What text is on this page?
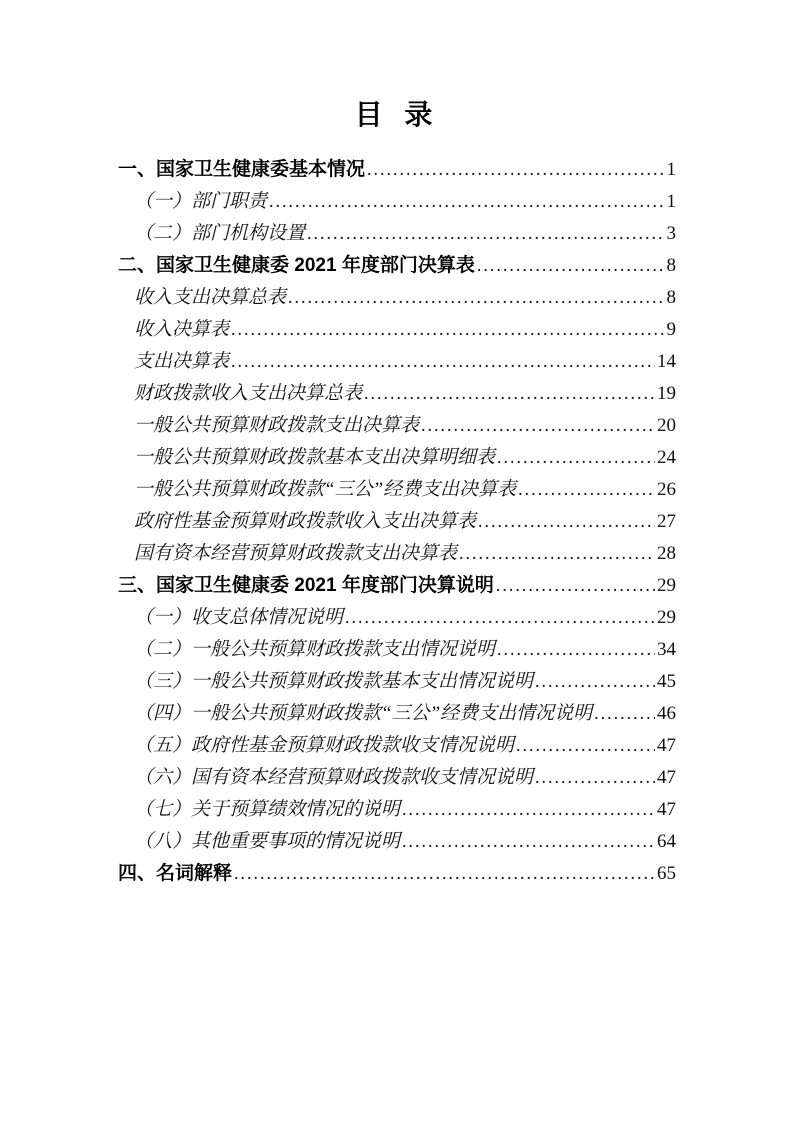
目 录
一、国家卫生健康委基本情况 .....	1
（一）部门职责 .....	1
（二）部门机构设置 .....	3
二、国家卫生健康委 2021 年度部门决算表 .....	8
收入支出决算总表 .....	8
收入决算表 .....	9
支出决算表 .....	14
财政拨款收入支出决算总表 .....	19
一般公共预算财政拨款支出决算表 .....	20
一般公共预算财政拨款基本支出决算明细表 .....	24
一般公共预算财政拨款“三公”经费支出决算表 .....	26
政府性基金预算财政拨款收入支出决算表 .....	27
国有资本经营预算财政拨款支出决算表 .....	28
三、国家卫生健康委 2021 年度部门决算说明 .....	29
（一）收支总体情况说明 .....	29
（二）一般公共预算财政拨款支出情况说明 .....	34
（三）一般公共预算财政拨款基本支出情况说明 .....	45
（四）一般公共预算财政拨款“三公”经费支出情况说明 .....	46
（五）政府性基金预算财政拨款收支情况说明 .....	47
（六）国有资本经营预算财政拨款收支情况说明 .....	47
（七）关于预算绩效情况的说明 .....	47
（八）其他重要事项的情况说明 .....	64
四、名词解释 .....	65
